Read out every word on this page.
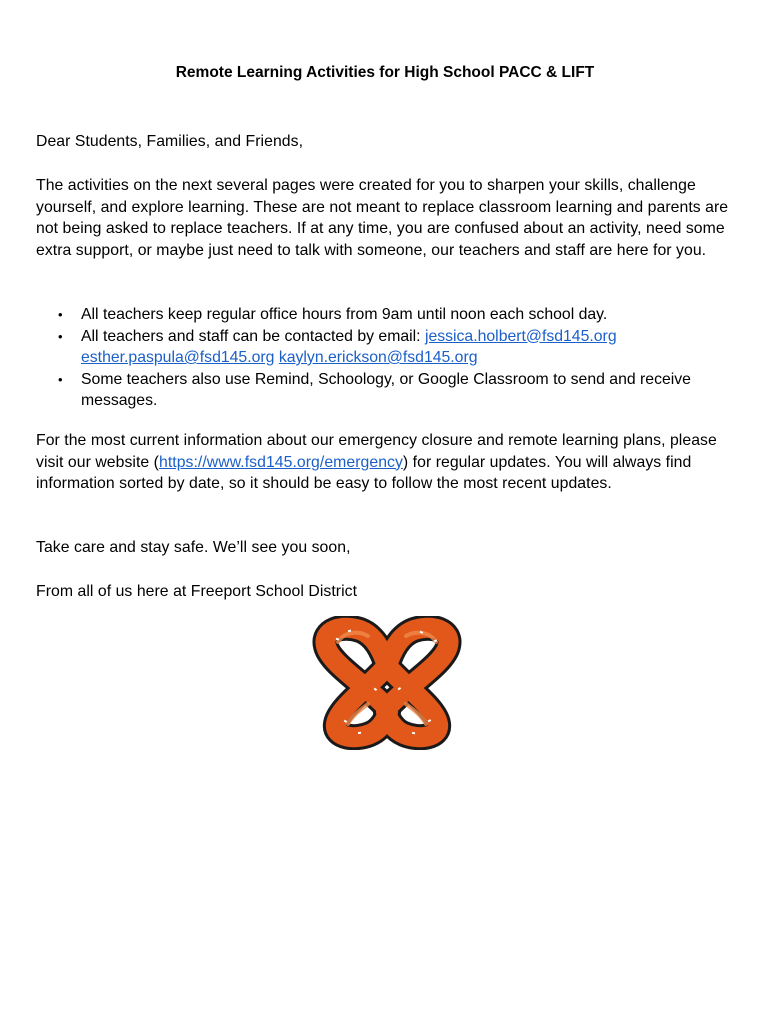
Remote Learning Activities for High School PACC & LIFT
Dear Students, Families, and Friends,
The activities on the next several pages were created for you to sharpen your skills, challenge yourself, and explore learning. These are not meant to replace classroom learning and parents are not being asked to replace teachers. If at any time, you are confused about an activity, need some extra support, or maybe just need to talk with someone, our teachers and staff are here for you.
• All teachers keep regular office hours from 9am until noon each school day.
• All teachers and staff can be contacted by email: jessica.holbert@fsd145.org esther.paspula@fsd145.org kaylyn.erickson@fsd145.org
• Some teachers also use Remind, Schoology, or Google Classroom to send and receive messages.
For the most current information about our emergency closure and remote learning plans, please visit our website (https://www.fsd145.org/emergency) for regular updates. You will always find information sorted by date, so it should be easy to follow the most recent updates.
Take care and stay safe. We’ll see you soon,
From all of us here at Freeport School District
